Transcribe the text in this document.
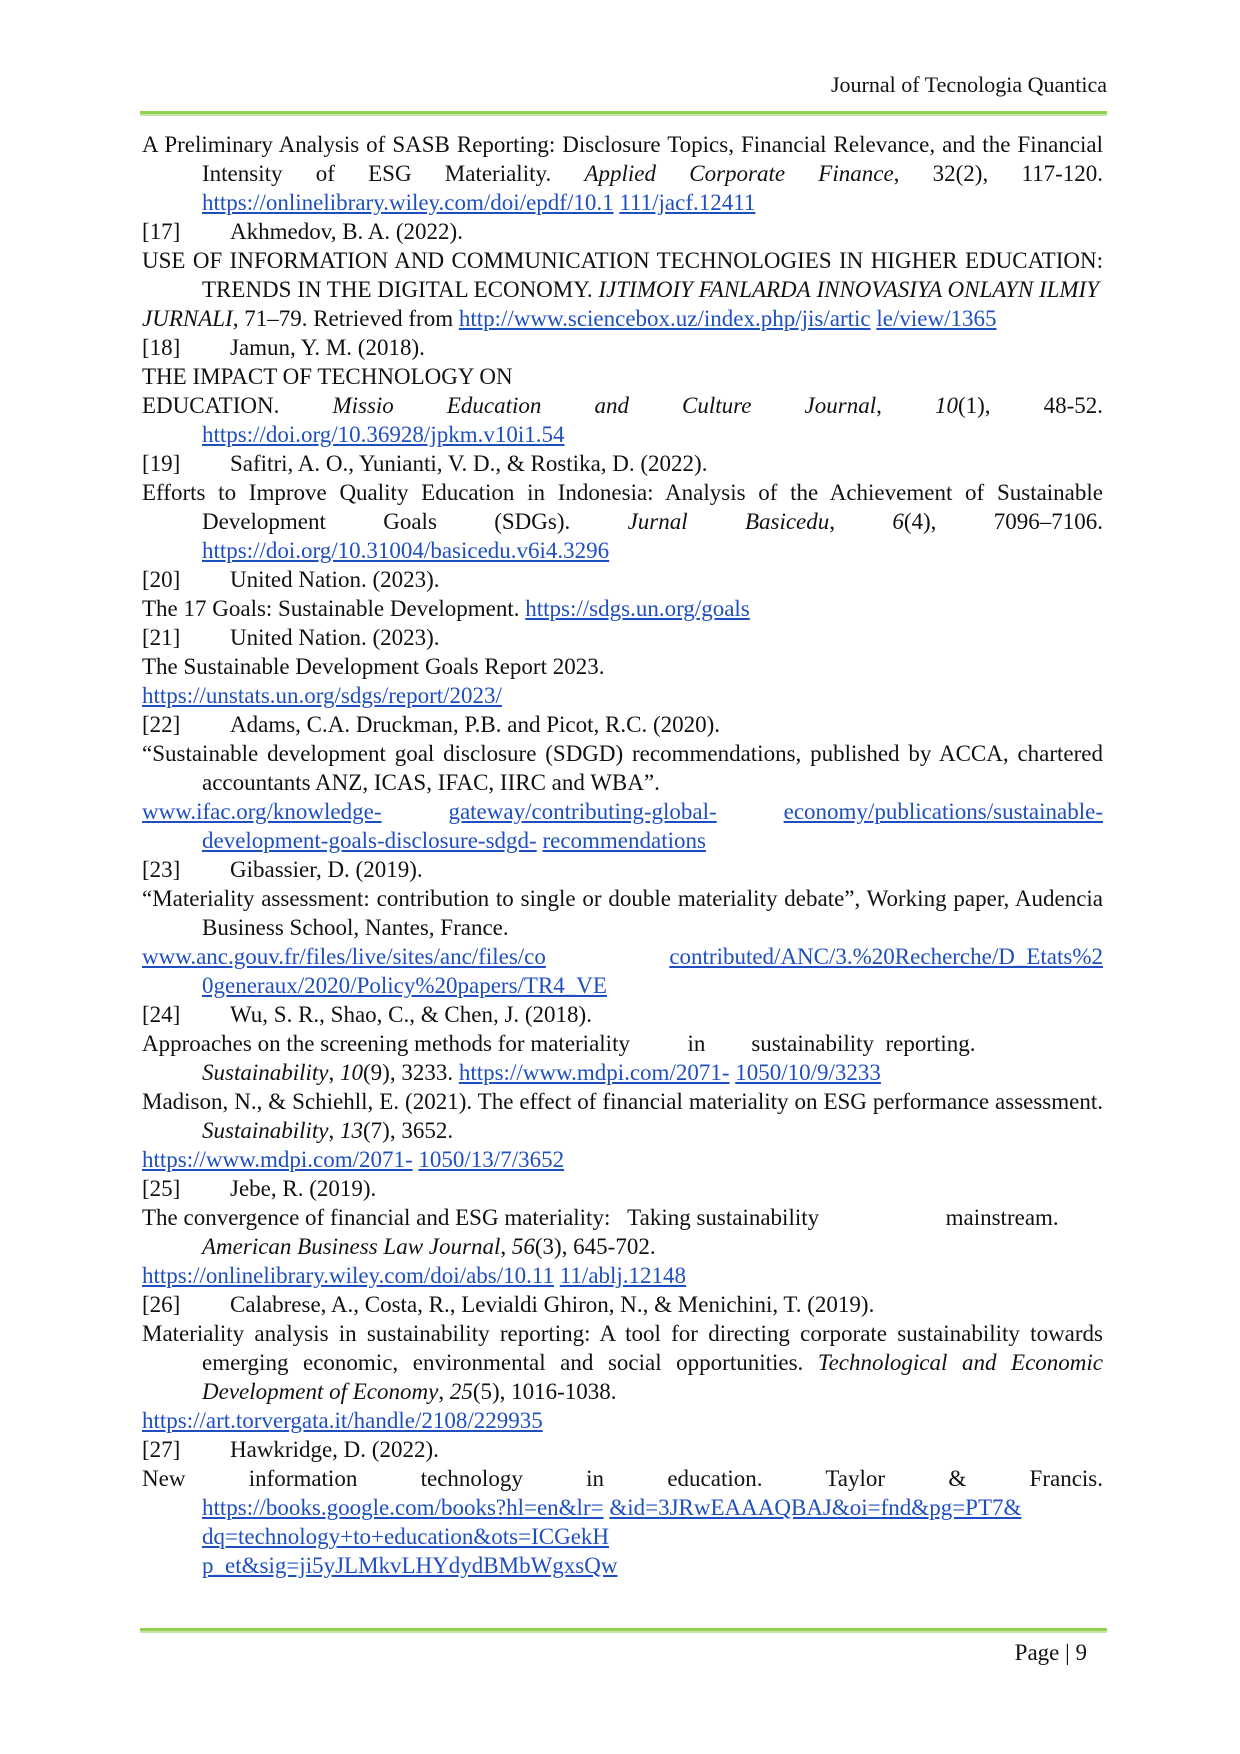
Journal of Tecnologia Quantica

A Preliminary Analysis of SASB Reporting: Disclosure Topics, Financial Relevance, and the Financial Intensity of ESG Materiality. Applied Corporate Finance, 32(2), 117-120. https://onlinelibrary.wiley.com/doi/epdf/10.1 111/jacf.12411

[17] Akhmedov, B. A. (2022).

USE OF INFORMATION AND COMMUNICATION TECHNOLOGIES IN HIGHER EDUCATION: TRENDS IN THE DIGITAL ECONOMY. IJTIMOIY FANLARDA INNOVASIYA ONLAYN ILMIY

JURNALI, 71–79. Retrieved from http://www.sciencebox.uz/index.php/jis/artic le/view/1365

[18] Jamun, Y. M. (2018).

THE IMPACT OF TECHNOLOGY ON

EDUCATION. Missio Education and Culture Journal, 10(1), 48-52.

https://doi.org/10.36928/jpkm.v10i1.54

[19] Safitri, A. O., Yunianti, V. D., & Rostika, D. (2022).

Efforts to Improve Quality Education in Indonesia: Analysis of the Achievement of Sustainable Development Goals (SDGs). Jurnal Basicedu, 6(4), 7096–7106. https://doi.org/10.31004/basicedu.v6i4.3296

[20] United Nation. (2023).

The 17 Goals: Sustainable Development. https://sdgs.un.org/goals

[21] United Nation. (2023).

The Sustainable Development Goals Report 2023.

https://unstats.un.org/sdgs/report/2023/

[22] Adams, C.A. Druckman, P.B. and Picot, R.C. (2020).

“Sustainable development goal disclosure (SDGD) recommendations, published by ACCA, chartered accountants ANZ, ICAS, IFAC, IIRC and WBA”.

www.ifac.org/knowledge-	gateway/contributing-global-	economy/publications/sustainable- development-goals-disclosure-sdgd- recommendations

[23] Gibassier, D. (2019).

“Materiality assessment: contribution to single or double materiality debate”, Working paper, Audencia Business School, Nantes, France.

www.anc.gouv.fr/files/live/sites/anc/files/co	contributed/ANC/3.%20Recherche/D_Etats%2 0generaux/2020/Policy%20papers/TR4_VE

[24] Wu, S. R., Shao, C., & Chen, J. (2018).

Approaches on the screening methods for materiality          in        sustainability  reporting.
Sustainability, 10(9), 3233. https://www.mdpi.com/2071- 1050/10/9/3233

Madison, N., & Schiehll, E. (2021). The effect of financial materiality on ESG performance assessment. Sustainability, 13(7), 3652.

https://www.mdpi.com/2071- 1050/13/7/3652

[25] Jebe, R. (2019).

The convergence of financial and ESG materiality:   Taking sustainability                      mainstream.
American Business Law Journal, 56(3), 645-702.

https://onlinelibrary.wiley.com/doi/abs/10.11 11/ablj.12148

[26] Calabrese, A., Costa, R., Levialdi Ghiron, N., & Menichini, T. (2019).

Materiality analysis in sustainability reporting: A tool for directing corporate sustainability towards emerging economic, environmental and social opportunities. Technological and Economic Development of Economy, 25(5), 1016-1038.

https://art.torvergata.it/handle/2108/229935

[27] Hawkridge, D. (2022).

New	information	technology	in	education.	Taylor	&	Francis.

https://books.google.com/books?hl=en&lr= &id=3JRwEAAAQBAJ&oi=fnd&pg=PT7&
dq=technology+to+education&ots=ICGekH
p_et&sig=ji5yJLMkvLHYdydBMbWgxsQw

Page | 9
